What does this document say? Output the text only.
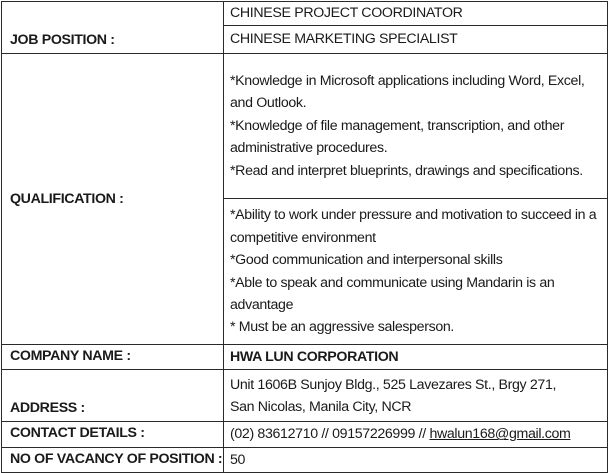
JOB POSITION :	CHINESE PROJECT COORDINATOR
	CHINESE MARKETING SPECIALIST
QUALIFICATION :	*Knowledge in Microsoft applications including Word, Excel, and Outlook.
*Knowledge of file management, transcription, and other administrative procedures.
*Read and interpret blueprints, drawings and specifications.

	*Ability to work under pressure and motivation to succeed in a competitive environment
*Good communication and interpersonal skills
*Able to speak and communicate using Mandarin is an advantage
* Must be an aggressive salesperson.

COMPANY NAME :	HWA LUN CORPORATION
ADDRESS :	Unit 1606B Sunjoy Bldg., 525 Lavezares St., Brgy 271,
San Nicolas, Manila City, NCR

CONTACT DETAILS :	(02) 83612710 // 09157226999 // hwalun168@gmail.com
NO OF VACANCY OF POSITION :	50
